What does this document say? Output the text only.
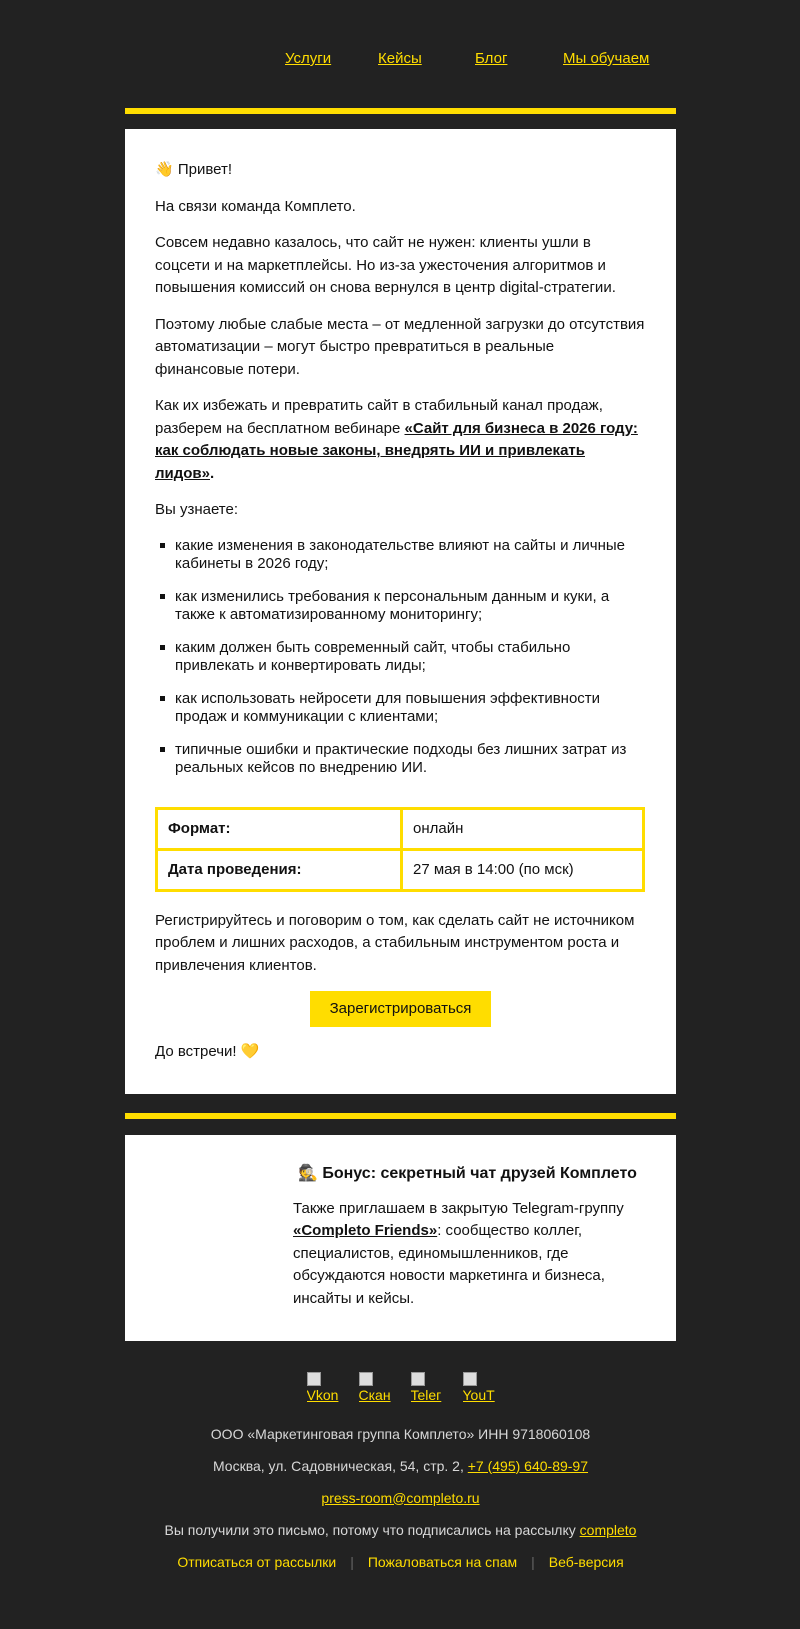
Услуги	Кейсы	Блог	Мы обучаем

👋 Привет!

На связи команда Комплето.

Совсем недавно казалось, что сайт не нужен: клиенты ушли в соцсети и на маркетплейсы. Но из-за ужесточения алгоритмов и повышения комиссий он снова вернулся в центр digital-стратегии.

Поэтому любые слабые места – от медленной загрузки до отсутствия автоматизации – могут быстро превратиться в реальные финансовые потери.

Как их избежать и превратить сайт в стабильный канал продаж, разберем на бесплатном вебинаре «Сайт для бизнеса в 2026 году: как соблюдать новые законы, внедрять ИИ и привлекать лидов».

Вы узнаете:

какие изменения в законодательстве влияют на сайты и личные кабинеты в 2026 году;
как изменились требования к персональным данным и куки, а также к автоматизированному мониторингу;
каким должен быть современный сайт, чтобы стабильно привлекать и конвертировать лиды;
как использовать нейросети для повышения эффективности продаж и коммуникации с клиентами;
типичные ошибки и практические подходы без лишних затрат из реальных кейсов по внедрению ИИ.
Формат:	онлайн
Дата проведения:	27 мая в 14:00 (по мск)

Регистрируйтесь и поговорим о том, как сделать сайт не источником проблем и лишних расходов, а стабильным инструментом роста и привлечения клиентов.

Зарегистрироваться

До встречи! 💛

🕵️ Бонус: секретный чат друзей Комплето
Также приглашаем в закрытую Telegram-группу «Completo Friends»: сообщество коллег, специалистов, единомышленников, где обсуждаются новости маркетинга и бизнеса, инсайты и кейсы.
Vkon Cкан Teleг YouT

ООО «Маркетинговая группа Комплето» ИНН 9718060108

Москва, ул. Садовническая, 54, стр. 2, +7 (495) 640-89-97

press-room@completo.ru

Вы получили это письмо, потому что подписались на рассылку completo

Отписаться от рассылки | Пожаловаться на спам | Веб-версия
